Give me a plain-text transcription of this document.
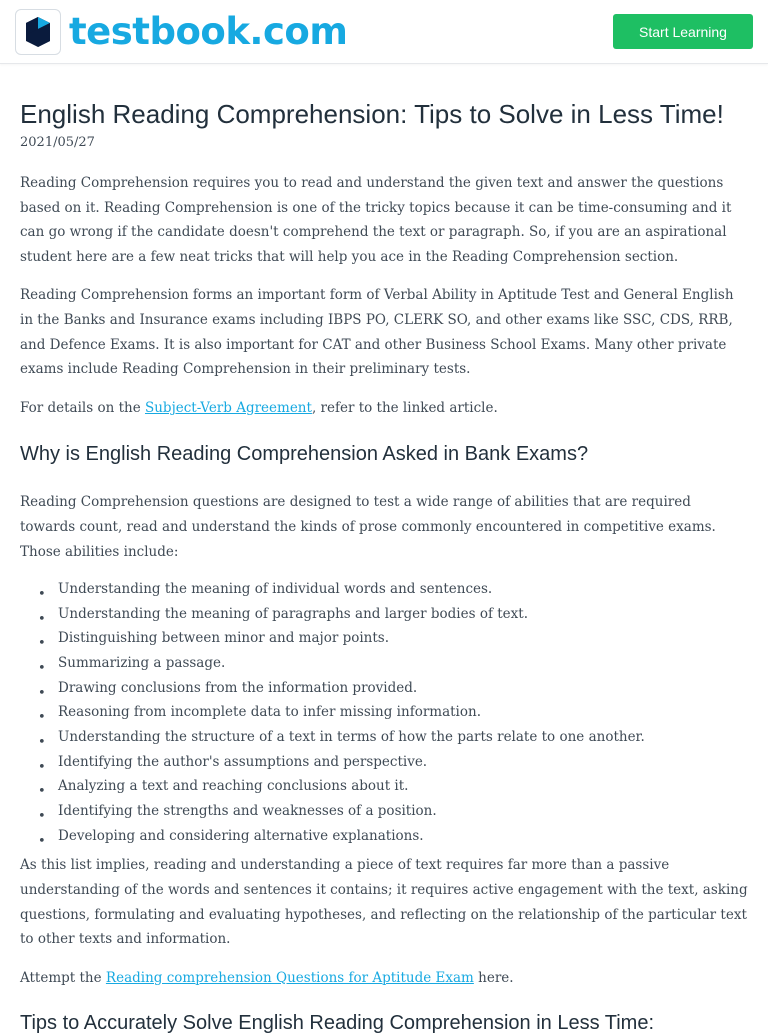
testbook.com	Start Learning
English Reading Comprehension: Tips to Solve in Less Time!
2021/05/27

Reading Comprehension requires you to read and understand the given text and answer the questions based on it. Reading Comprehension is one of the tricky topics because it can be time-consuming and it can go wrong if the candidate doesn't comprehend the text or paragraph. So, if you are an aspirational student here are a few neat tricks that will help you ace in the Reading Comprehension section.

Reading Comprehension forms an important form of Verbal Ability in Aptitude Test and General English in the Banks and Insurance exams including IBPS PO, CLERK SO, and other exams like SSC, CDS, RRB, and Defence Exams. It is also important for CAT and other Business School Exams. Many other private exams include Reading Comprehension in their preliminary tests.

For details on the Subject-Verb Agreement, refer to the linked article.

Why is English Reading Comprehension Asked in Bank Exams?

Reading Comprehension questions are designed to test a wide range of abilities that are required towards count, read and understand the kinds of prose commonly encountered in competitive exams. Those abilities include:

• Understanding the meaning of individual words and sentences.
• Understanding the meaning of paragraphs and larger bodies of text.
• Distinguishing between minor and major points.
• Summarizing a passage.
• Drawing conclusions from the information provided.
• Reasoning from incomplete data to infer missing information.
• Understanding the structure of a text in terms of how the parts relate to one another.
• Identifying the author's assumptions and perspective.
• Analyzing a text and reaching conclusions about it.
• Identifying the strengths and weaknesses of a position.
• Developing and considering alternative explanations.

As this list implies, reading and understanding a piece of text requires far more than a passive understanding of the words and sentences it contains; it requires active engagement with the text, asking questions, formulating and evaluating hypotheses, and reflecting on the relationship of the particular text to other texts and information.

Attempt the Reading comprehension Questions for Aptitude Exam here.

Tips to Accurately Solve English Reading Comprehension in Less Time:
